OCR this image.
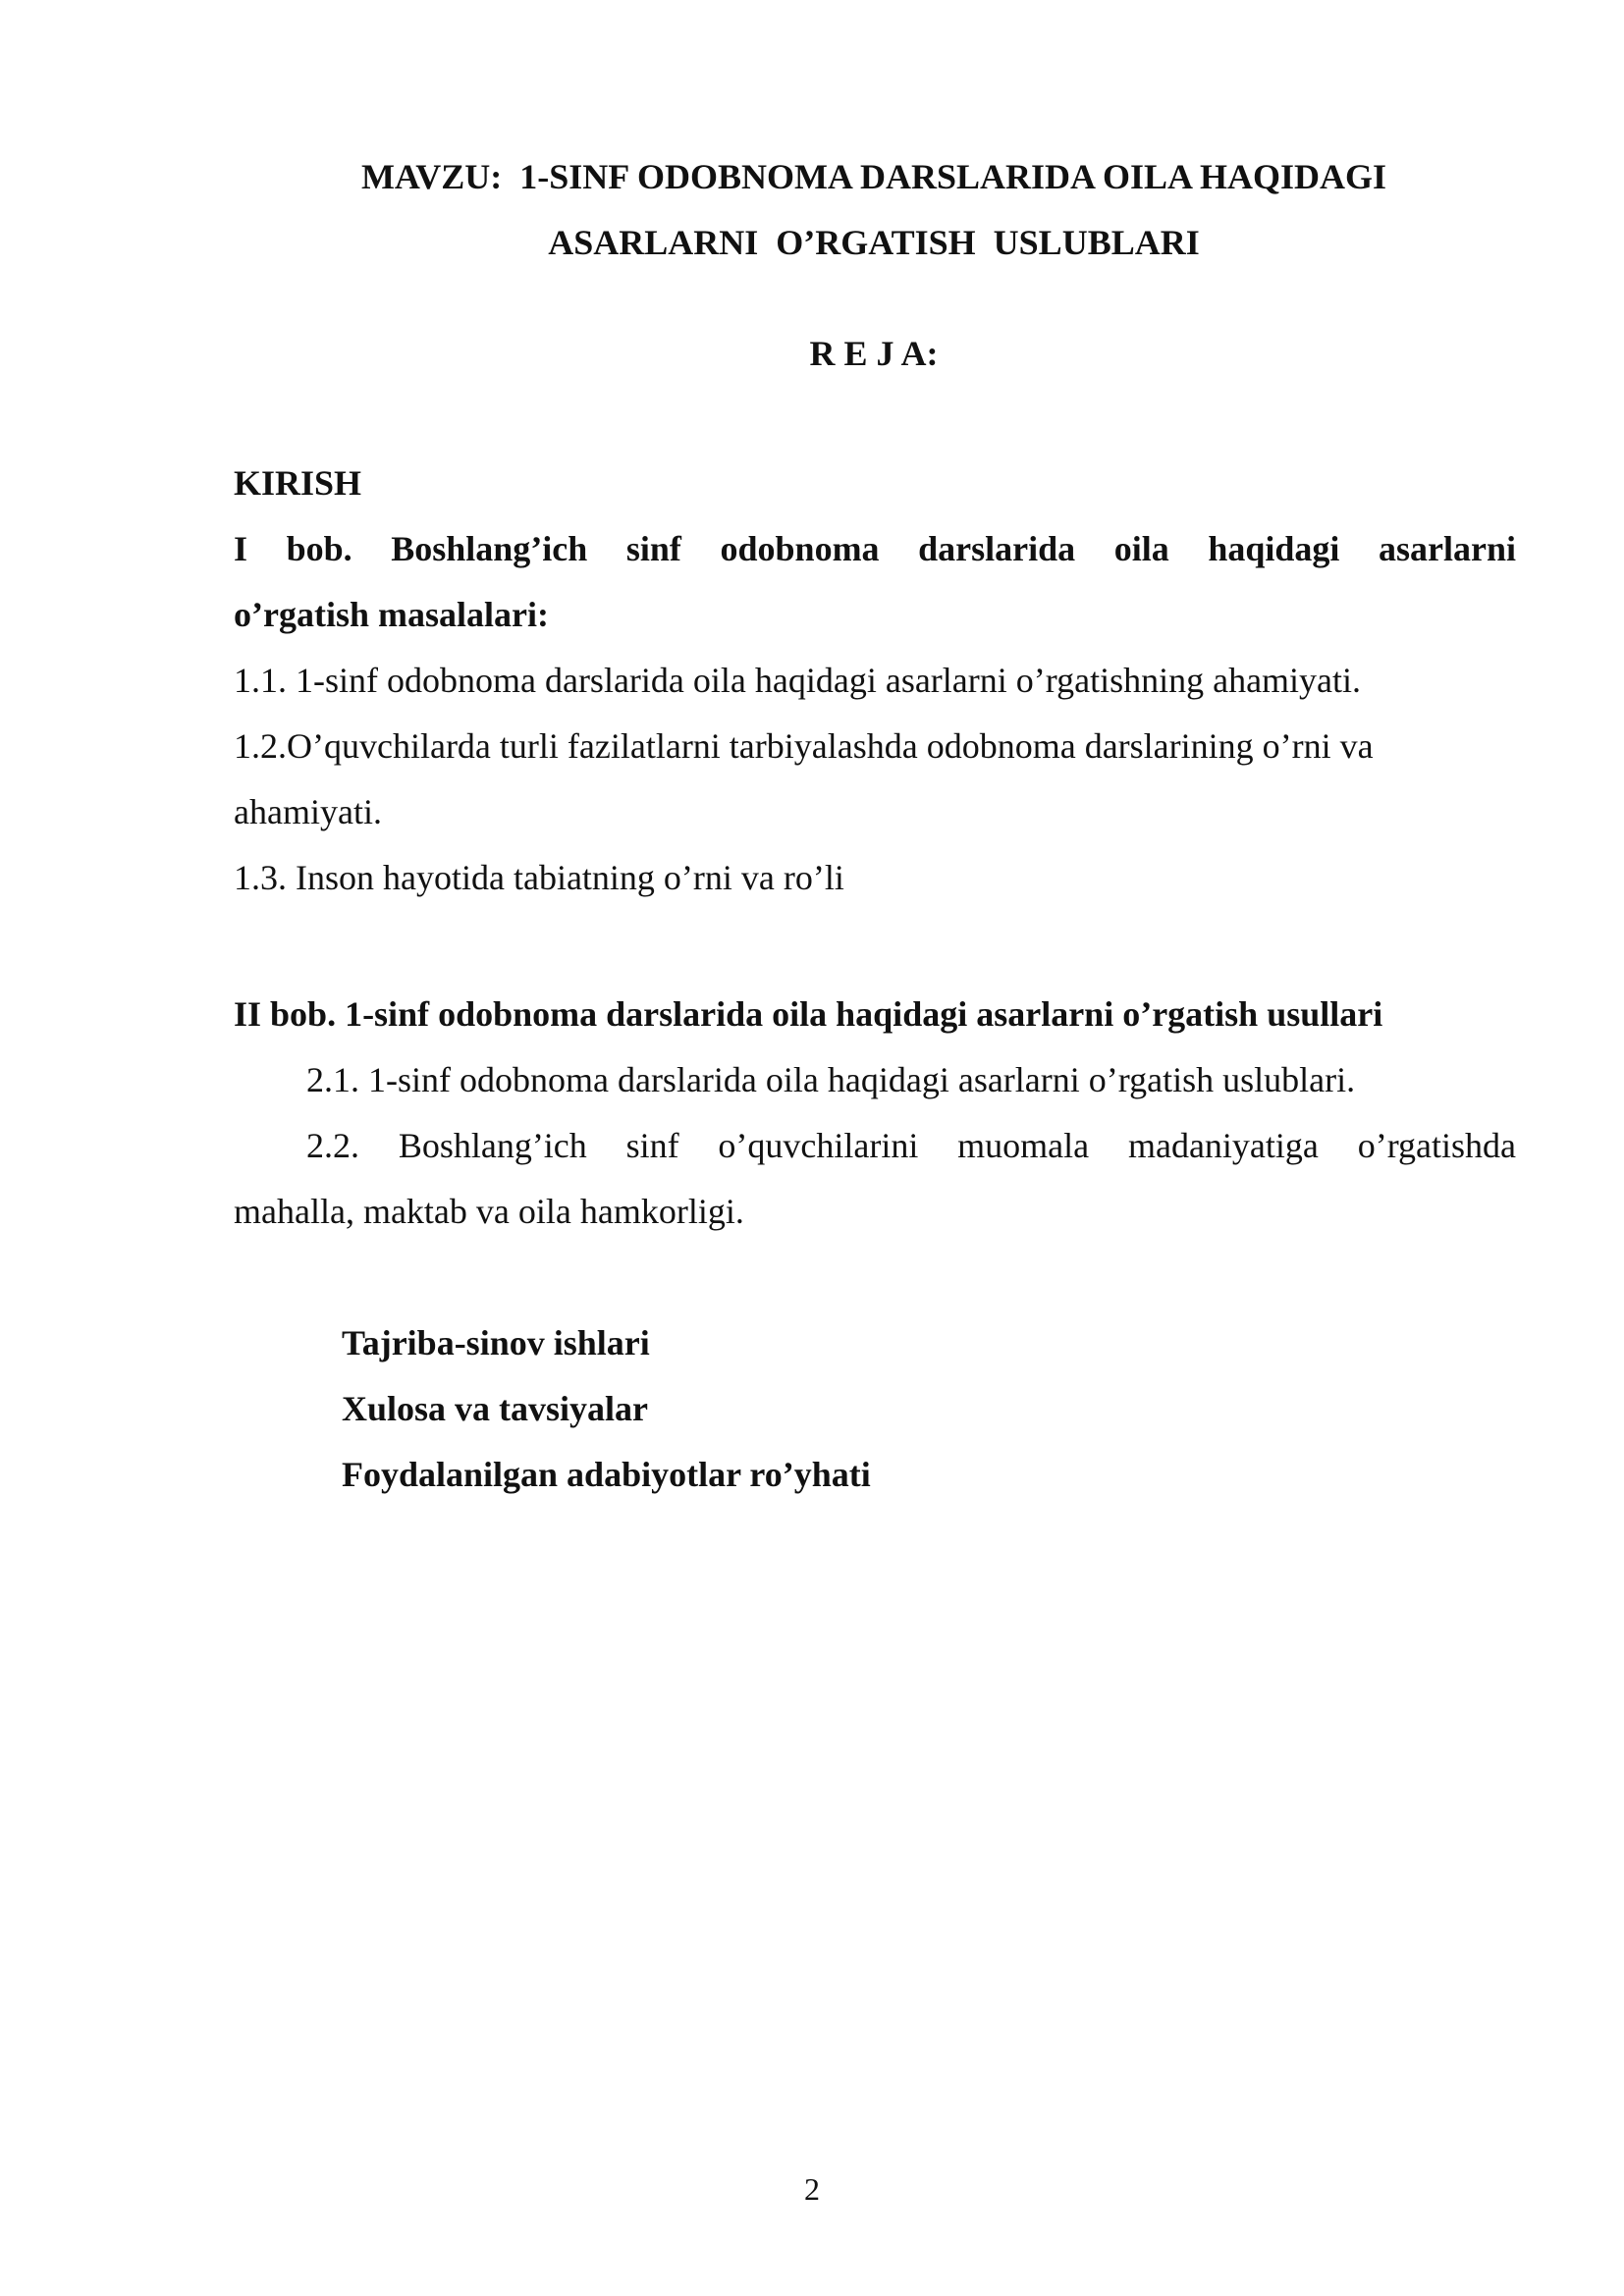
MAVZU:  1-SINF ODOBNOMA DARSLARIDA OILA HAQIDAGI
ASARLARNI  O’RGATISH  USLUBLARI
R E J A:
KIRISH
I bob. Boshlang’ich sinf odobnoma darslarida oila haqidagi asarlarni
o’rgatish masalalari:
1.1. 1-sinf odobnoma darslarida oila haqidagi asarlarni o’rgatishning ahamiyati.
1.2.O’quvchilarda turli fazilatlarni tarbiyalashda odobnoma darslarining o’rni va
ahamiyati.
1.3. Inson hayotida tabiatning o’rni va ro’li
II bob. 1-sinf odobnoma darslarida oila haqidagi asarlarni o’rgatish usullari
2.1. 1-sinf odobnoma darslarida oila haqidagi asarlarni o’rgatish uslublari.
2.2. Boshlang’ich sinf o’quvchilarini muomala madaniyatiga o’rgatishda
mahalla, maktab va oila hamkorligi.
Tajriba-sinov ishlari
Xulosa va tavsiyalar
Foydalanilgan adabiyotlar ro’yhati
2
